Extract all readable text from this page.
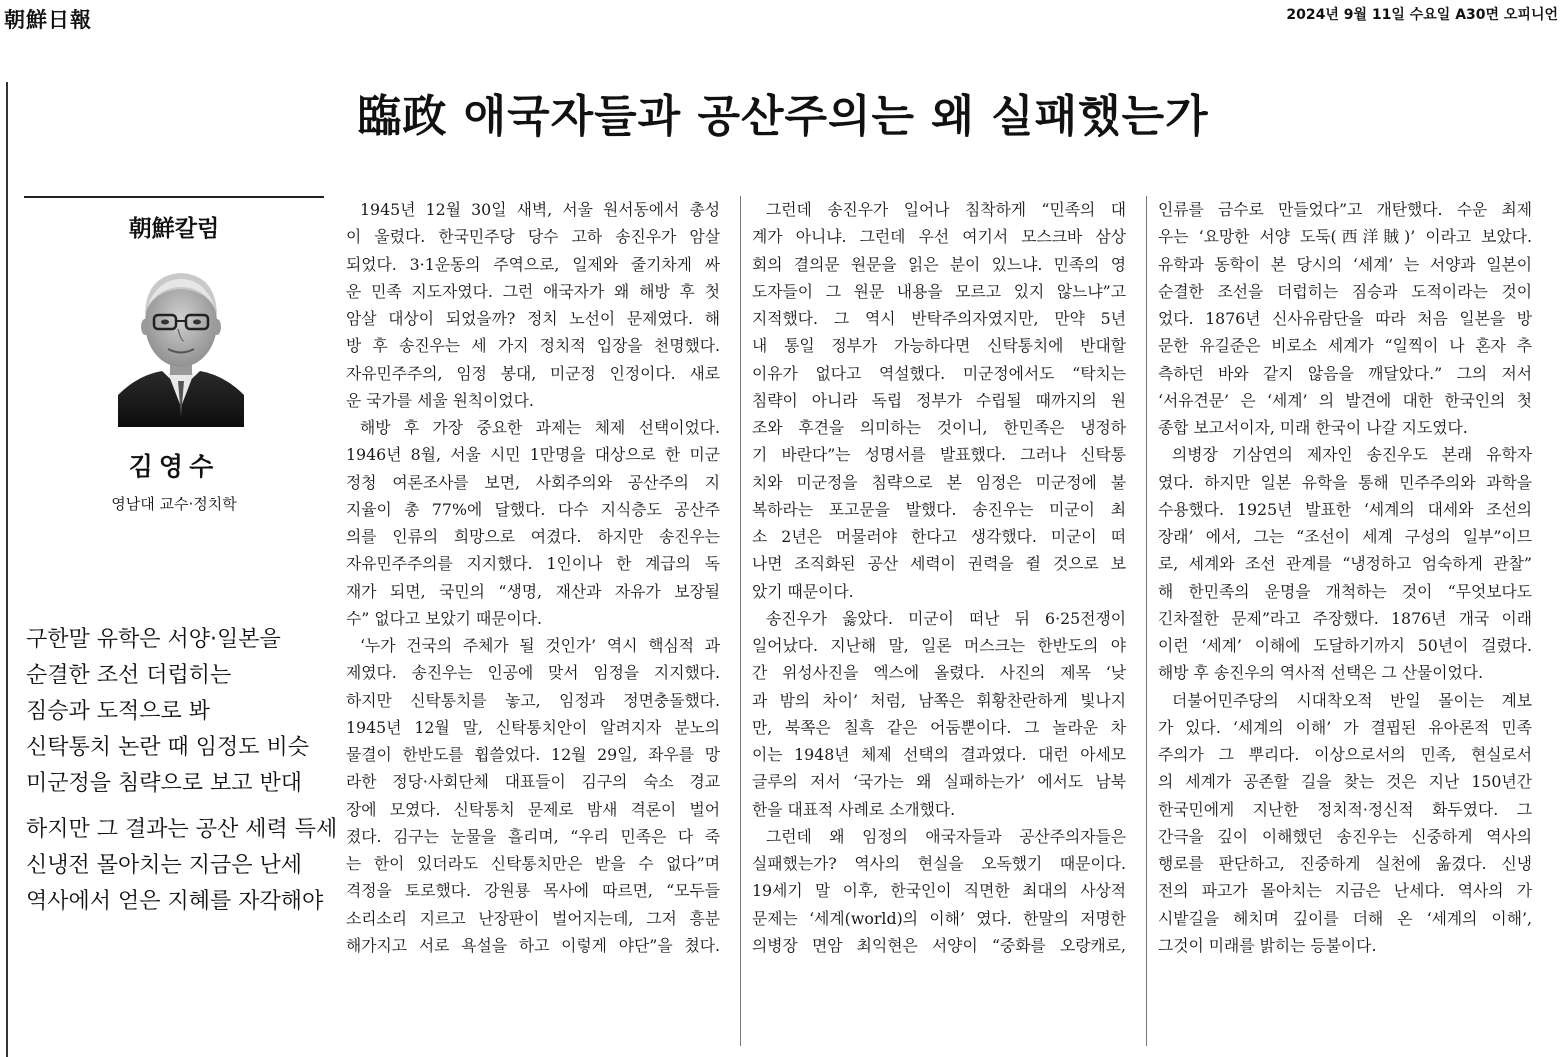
朝鮮日報	2024년 9월 11일 수요일 A30면 오피니언
臨政 애국자들과 공산주의는 왜 실패했는가
朝鮮칼럼
김영수
영남대 교수·정치학
구한말 유학은 서양·일본을
순결한 조선 더럽히는
짐승과 도적으로 봐
신탁통치 논란 때 임정도 비슷
미군정을 침략으로 보고 반대
하지만 그 결과는 공산 세력 득세
신냉전 몰아치는 지금은 난세
역사에서 얻은 지혜를 자각해야
1945년 12월 30일 새벽, 서울 원서동에서 총성
이 울렸다. 한국민주당 당수 고하 송진우가 암살
되었다. 3·1운동의 주역으로, 일제와 줄기차게 싸
운 민족 지도자였다. 그런 애국자가 왜 해방 후 첫
암살 대상이 되었을까? 정치 노선이 문제였다. 해
방 후 송진우는 세 가지 정치적 입장을 천명했다.
자유민주주의, 임정 봉대, 미군정 인정이다. 새로
운 국가를 세울 원칙이었다.
해방 후 가장 중요한 과제는 체제 선택이었다.
1946년 8월, 서울 시민 1만명을 대상으로 한 미군
정청 여론조사를 보면, 사회주의와 공산주의 지
지율이 총 77%에 달했다. 다수 지식층도 공산주
의를 인류의 희망으로 여겼다. 하지만 송진우는
자유민주주의를 지지했다. 1인이나 한 계급의 독
재가 되면, 국민의 “생명, 재산과 자유가 보장될
수” 없다고 보았기 때문이다.
‘누가 건국의 주체가 될 것인가’ 역시 핵심적 과
제였다. 송진우는 인공에 맞서 임정을 지지했다.
하지만 신탁통치를 놓고, 임정과 정면충돌했다.
1945년 12월 말, 신탁통치안이 알려지자 분노의
물결이 한반도를 휩쓸었다. 12월 29일, 좌우를 망
라한 정당·사회단체 대표들이 김구의 숙소 경교
장에 모였다. 신탁통치 문제로 밤새 격론이 벌어
졌다. 김구는 눈물을 흘리며, “우리 민족은 다 죽
는 한이 있더라도 신탁통치만은 받을 수 없다”며
격정을 토로했다. 강원룡 목사에 따르면, “모두들
소리소리 지르고 난장판이 벌어지는데, 그저 흥분
해가지고 서로 욕설을 하고 이렇게 야단”을 쳤다.
그런데 송진우가 일어나 침착하게 “민족의 대
계가 아니냐. 그런데 우선 여기서 모스크바 삼상
회의 결의문 원문을 읽은 분이 있느냐. 민족의 영
도자들이 그 원문 내용을 모르고 있지 않느냐”고
지적했다. 그 역시 반탁주의자였지만, 만약 5년
내 통일 정부가 가능하다면 신탁통치에 반대할
이유가 없다고 역설했다. 미군정에서도 “탁치는
침략이 아니라 독립 정부가 수립될 때까지의 원
조와 후견을 의미하는 것이니, 한민족은 냉정하
기 바란다”는 성명서를 발표했다. 그러나 신탁통
치와 미군정을 침략으로 본 임정은 미군정에 불
복하라는 포고문을 발했다. 송진우는 미군이 최
소 2년은 머물러야 한다고 생각했다. 미군이 떠
나면 조직화된 공산 세력이 권력을 쥘 것으로 보
았기 때문이다.
송진우가 옳았다. 미군이 떠난 뒤 6·25전쟁이
일어났다. 지난해 말, 일론 머스크는 한반도의 야
간 위성사진을 엑스에 올렸다. 사진의 제목 ‘낮
과 밤의 차이’ 처럼, 남쪽은 휘황찬란하게 빛나지
만, 북쪽은 칠흑 같은 어둠뿐이다. 그 놀라운 차
이는 1948년 체제 선택의 결과였다. 대런 아세모
글루의 저서 ‘국가는 왜 실패하는가’ 에서도 남북
한을 대표적 사례로 소개했다.
그런데 왜 임정의 애국자들과 공산주의자들은
실패했는가? 역사의 현실을 오독했기 때문이다.
19세기 말 이후, 한국인이 직면한 최대의 사상적
문제는 ‘세계(world)의 이해’ 였다. 한말의 저명한
의병장 면암 최익현은 서양이 “중화를 오랑캐로,
인류를 금수로 만들었다”고 개탄했다. 수운 최제
우는 ‘요망한 서양 도둑(西洋賊)’ 이라고 보았다.
유학과 동학이 본 당시의 ‘세계’ 는 서양과 일본이
순결한 조선을 더럽히는 짐승과 도적이라는 것이
었다. 1876년 신사유람단을 따라 처음 일본을 방
문한 유길준은 비로소 세계가 “일찍이 나 혼자 추
측하던 바와 같지 않음을 깨달았다.” 그의 저서
‘서유견문’ 은 ‘세계’ 의 발견에 대한 한국인의 첫
종합 보고서이자, 미래 한국이 나갈 지도였다.
의병장 기삼연의 제자인 송진우도 본래 유학자
였다. 하지만 일본 유학을 통해 민주주의와 과학을
수용했다. 1925년 발표한 ‘세계의 대세와 조선의
장래’ 에서, 그는 “조선이 세계 구성의 일부”이므
로, 세계와 조선 관계를 “냉정하고 엄숙하게 관찰”
해 한민족의 운명을 개척하는 것이 “무엇보다도
긴차절한 문제”라고 주장했다. 1876년 개국 이래
이런 ‘세계’ 이해에 도달하기까지 50년이 걸렸다.
해방 후 송진우의 역사적 선택은 그 산물이었다.
더불어민주당의 시대착오적 반일 몰이는 계보
가 있다. ‘세계의 이해’ 가 결핍된 유아론적 민족
주의가 그 뿌리다. 이상으로서의 민족, 현실로서
의 세계가 공존할 길을 찾는 것은 지난 150년간
한국민에게 지난한 정치적·정신적 화두였다. 그
간극을 깊이 이해했던 송진우는 신중하게 역사의
행로를 판단하고, 진중하게 실천에 옮겼다. 신냉
전의 파고가 몰아치는 지금은 난세다. 역사의 가
시밭길을 헤치며 깊이를 더해 온 ‘세계의 이해’,
그것이 미래를 밝히는 등불이다.
